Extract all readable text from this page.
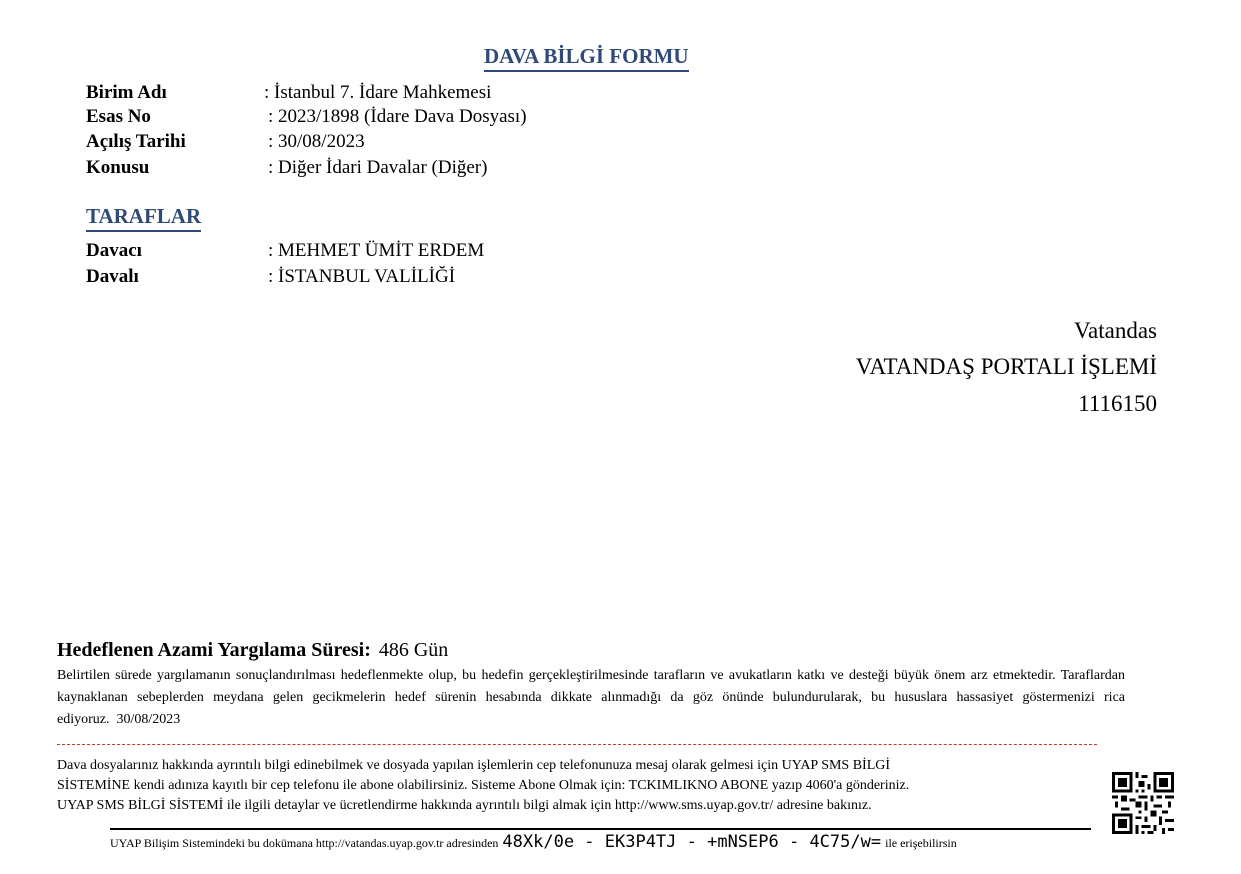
DAVA BİLGİ FORMU
Birim Adı	: İstanbul 7. İdare Mahkemesi
Esas No	: 2023/1898 (İdare Dava Dosyası)
Açılış Tarihi	: 30/08/2023
Konusu	: Diğer İdari Davalar (Diğer)
TARAFLAR
Davacı	: MEHMET ÜMİT ERDEM
Davalı	: İSTANBUL VALİLİĞİ
Vatandas
VATANDAŞ PORTALI İŞLEMİ
1116150
Hedeflenen Azami Yargılama Süresi: 486 Gün
Belirtilen sürede yargılamanın sonuçlandırılması hedeflenmekte olup, bu hedefin gerçekleştirilmesinde tarafların ve avukatların katkı ve desteği büyük önem arz etmektedir. Taraflardan kaynaklanan sebeplerden meydana gelen gecikmelerin hedef sürenin hesabında dikkate alınmadığı da göz önünde bulundurularak, bu hususlara hassasiyet göstermenizi rica ediyoruz. 30/08/2023
Dava dosyalarınız hakkında ayrıntılı bilgi edinebilmek ve dosyada yapılan işlemlerin cep telefonunuza mesaj olarak gelmesi için UYAP SMS BİLGİ
SİSTEMİNE kendi adınıza kayıtlı bir cep telefonu ile abone olabilirsiniz. Sisteme Abone Olmak için: TCKIMLIKNO ABONE yazıp 4060'a gönderiniz.
UYAP SMS BİLGİ SİSTEMİ ile ilgili detaylar ve ücretlendirme hakkında ayrıntılı bilgi almak için http://www.sms.uyap.gov.tr/ adresine bakınız.
UYAP Bilişim Sistemindeki bu dokümana http://vatandas.uyap.gov.tr adresinden 48Xk/0e - EK3P4TJ - +mNSEP6 - 4C75/w= ile erişebilirsin
